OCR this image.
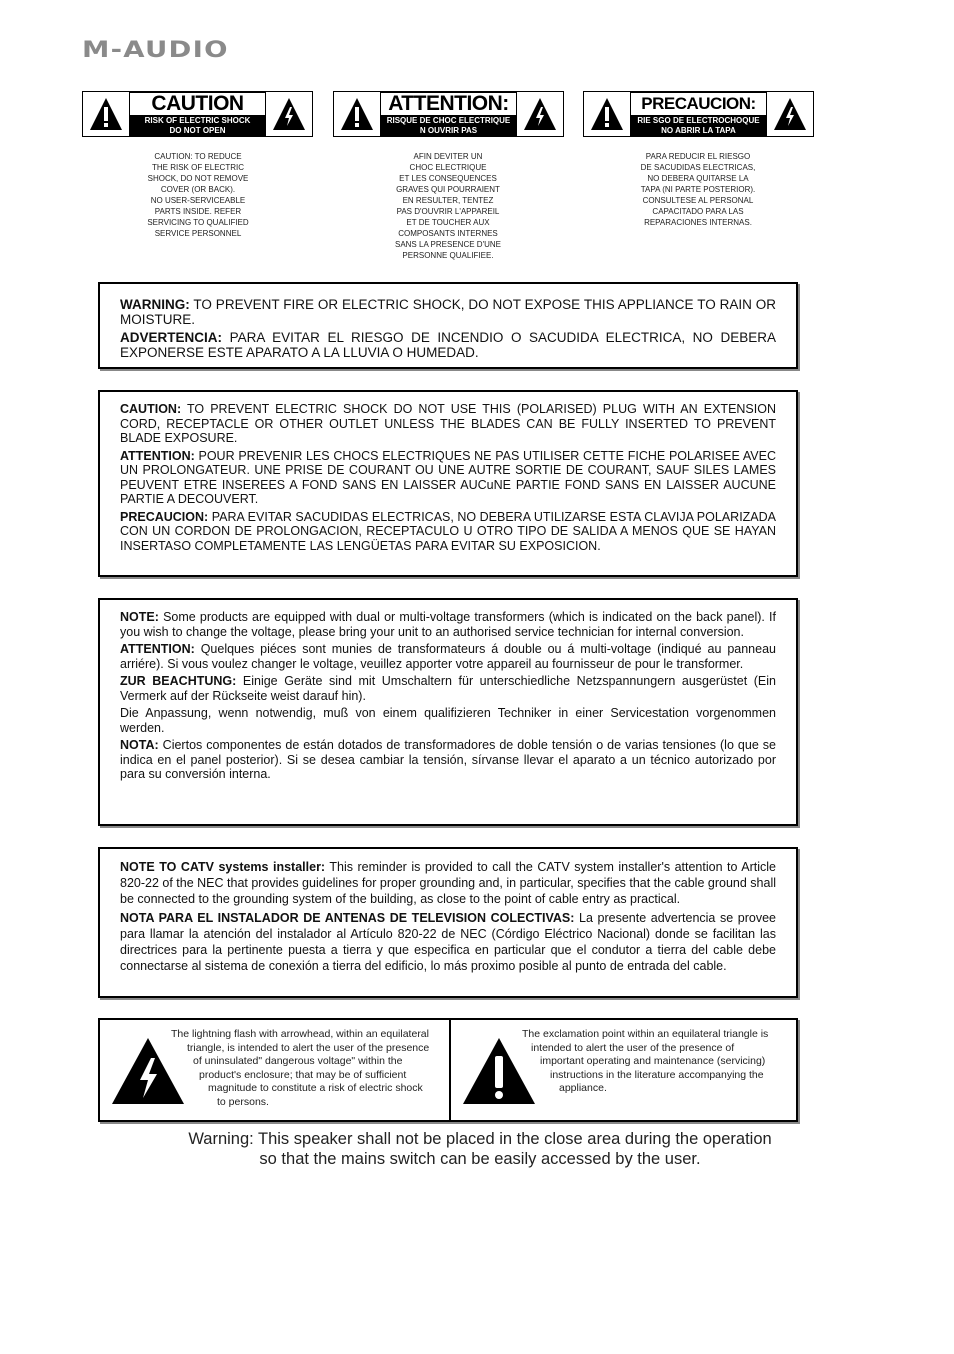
M-AUDIO
CAUTION
RISK OF ELECTRIC SHOCK
DO NOT OPEN
ATTENTION:
RISQUE DE CHOC ELECTRIQUE
N OUVRIR PAS
PRECAUCION:
RIE SGO DE ELECTROCHOQUE
NO ABRIR LA TAPA
CAUTION: TO REDUCE
THE RISK OF ELECTRIC
SHOCK, DO NOT REMOVE
COVER (OR BACK).
NO USER-SERVICEABLE
PARTS INSIDE. REFER
SERVICING TO QUALIFIED
SERVICE PERSONNEL
AFIN DEVITER UN
CHOC ELECTRIQUE
ET LES CONSEQUENCES
GRAVES QUI POURRAIENT
EN RESULTER, TENTEZ
PAS D'OUVRIR L'APPAREIL
ET DE TOUCHER AUX
COMPOSANTS INTERNES
SANS LA PRESENCE D'UNE
PERSONNE QUALIFIEE.
PARA REDUCIR EL RIESGO
DE SACUDIDAS ELECTRICAS,
NO DEBERA QUITARSE LA
TAPA (NI PARTE POSTERIOR).
CONSULTESE AL PERSONAL
CAPACITADO PARA LAS
REPARACIONES INTERNAS.

WARNING: TO PREVENT FIRE OR ELECTRIC SHOCK, DO NOT EXPOSE THIS APPLIANCE TO RAIN OR MOISTURE.

ADVERTENCIA: PARA EVITAR EL RIESGO DE INCENDIO O SACUDIDA ELECTRICA, NO DEBERA EXPONERSE ESTE APARATO A LA LLUVIA O HUMEDAD.

CAUTION: TO PREVENT ELECTRIC SHOCK DO NOT USE THIS (POLARISED) PLUG WITH AN EXTENSION CORD, RECEPTACLE OR OTHER OUTLET UNLESS THE BLADES CAN BE FULLY INSERTED TO PREVENT BLADE EXPOSURE.

ATTENTION: POUR PREVENIR LES CHOCS ELECTRIQUES NE PAS UTILISER CETTE FICHE POLARISEE AVEC UN PROLONGATEUR. UNE PRISE DE COURANT OU UNE AUTRE SORTIE DE COURANT, SAUF SILES LAMES PEUVENT ETRE INSEREES A FOND SANS EN LAISSER AUCuNE PARTIE FOND SANS EN LAISSER AUCUNE PARTIE A DECOUVERT.

PRECAUCION: PARA EVITAR SACUDIDAS ELECTRICAS, NO DEBERA UTILIZARSE ESTA CLAVIJA POLARIZADA CON UN CORDON DE PROLONGACION, RECEPTACULO U OTRO TIPO DE SALIDA A MENOS QUE SE HAYAN INSERTASO COMPLETAMENTE LAS LENGÜETAS PARA EVITAR SU EXPOSICION.

NOTE: Some products are equipped with dual or multi-voltage transformers (which is indicated on the back panel). If you wish to change the voltage, please bring your unit to an authorised service technician for internal conversion.

ATTENTION: Quelques piéces sont munies de transformateurs á double ou á multi-voltage (indiqué au panneau arriére). Si vous voulez changer le voltage, veuillez apporter votre appareil au fournisseur de pour le transformer.

ZUR BEACHTUNG: Einige Geräte sind mit Umschaltern für unterschiedliche Netzspannungern ausgerüstet (Ein Vermerk auf der Rückseite weist darauf hin).

Die Anpassung, wenn notwendig, muß von einem qualifizieren Techniker in einer Servicestation vorgenommen werden.

NOTA: Ciertos componentes de están dotados de transformadores de doble tensión o de varias tensiones (lo que se indica en el panel posterior). Si se desea cambiar la tensión, sírvanse llevar el aparato a un técnico autorizado por para su conversión interna.

NOTE TO CATV systems installer: This reminder is provided to call the CATV system installer's attention to Article 820-22 of the NEC that provides guidelines for proper grounding and, in particular, specifies that the cable ground shall be connected to the grounding system of the building, as close to the point of cable entry as practical.

NOTA PARA EL INSTALADOR DE ANTENAS DE TELEVISION COLECTIVAS: La presente advertencia se provee para llamar la atención del instalador al Artículo 820-22 de NEC (Córdigo Eléctrico Nacional) donde se facilitan las directrices para la pertinente puesta a tierra y que especifica en particular que el condutor a tierra del cable debe connectarse al sistema de conexión a tierra del edificio, lo más proximo posible al punto de entrada del cable.

The lightning flash with arrowhead, within an equilateral
triangle, is intended to alert the user of the presence
of uninsulated" dangerous voltage" within the
product's enclosure; that may be of sufficient
magnitude to constitute a risk of electric shock
to persons.
The exclamation point within an equilateral triangle is
intended to alert the user of the presence of
important operating and maintenance (servicing)
instructions in the literature accompanying the
appliance.
Warning: This speaker shall not be placed in the close area during the operation
so that the mains switch can be easily accessed by the user.
